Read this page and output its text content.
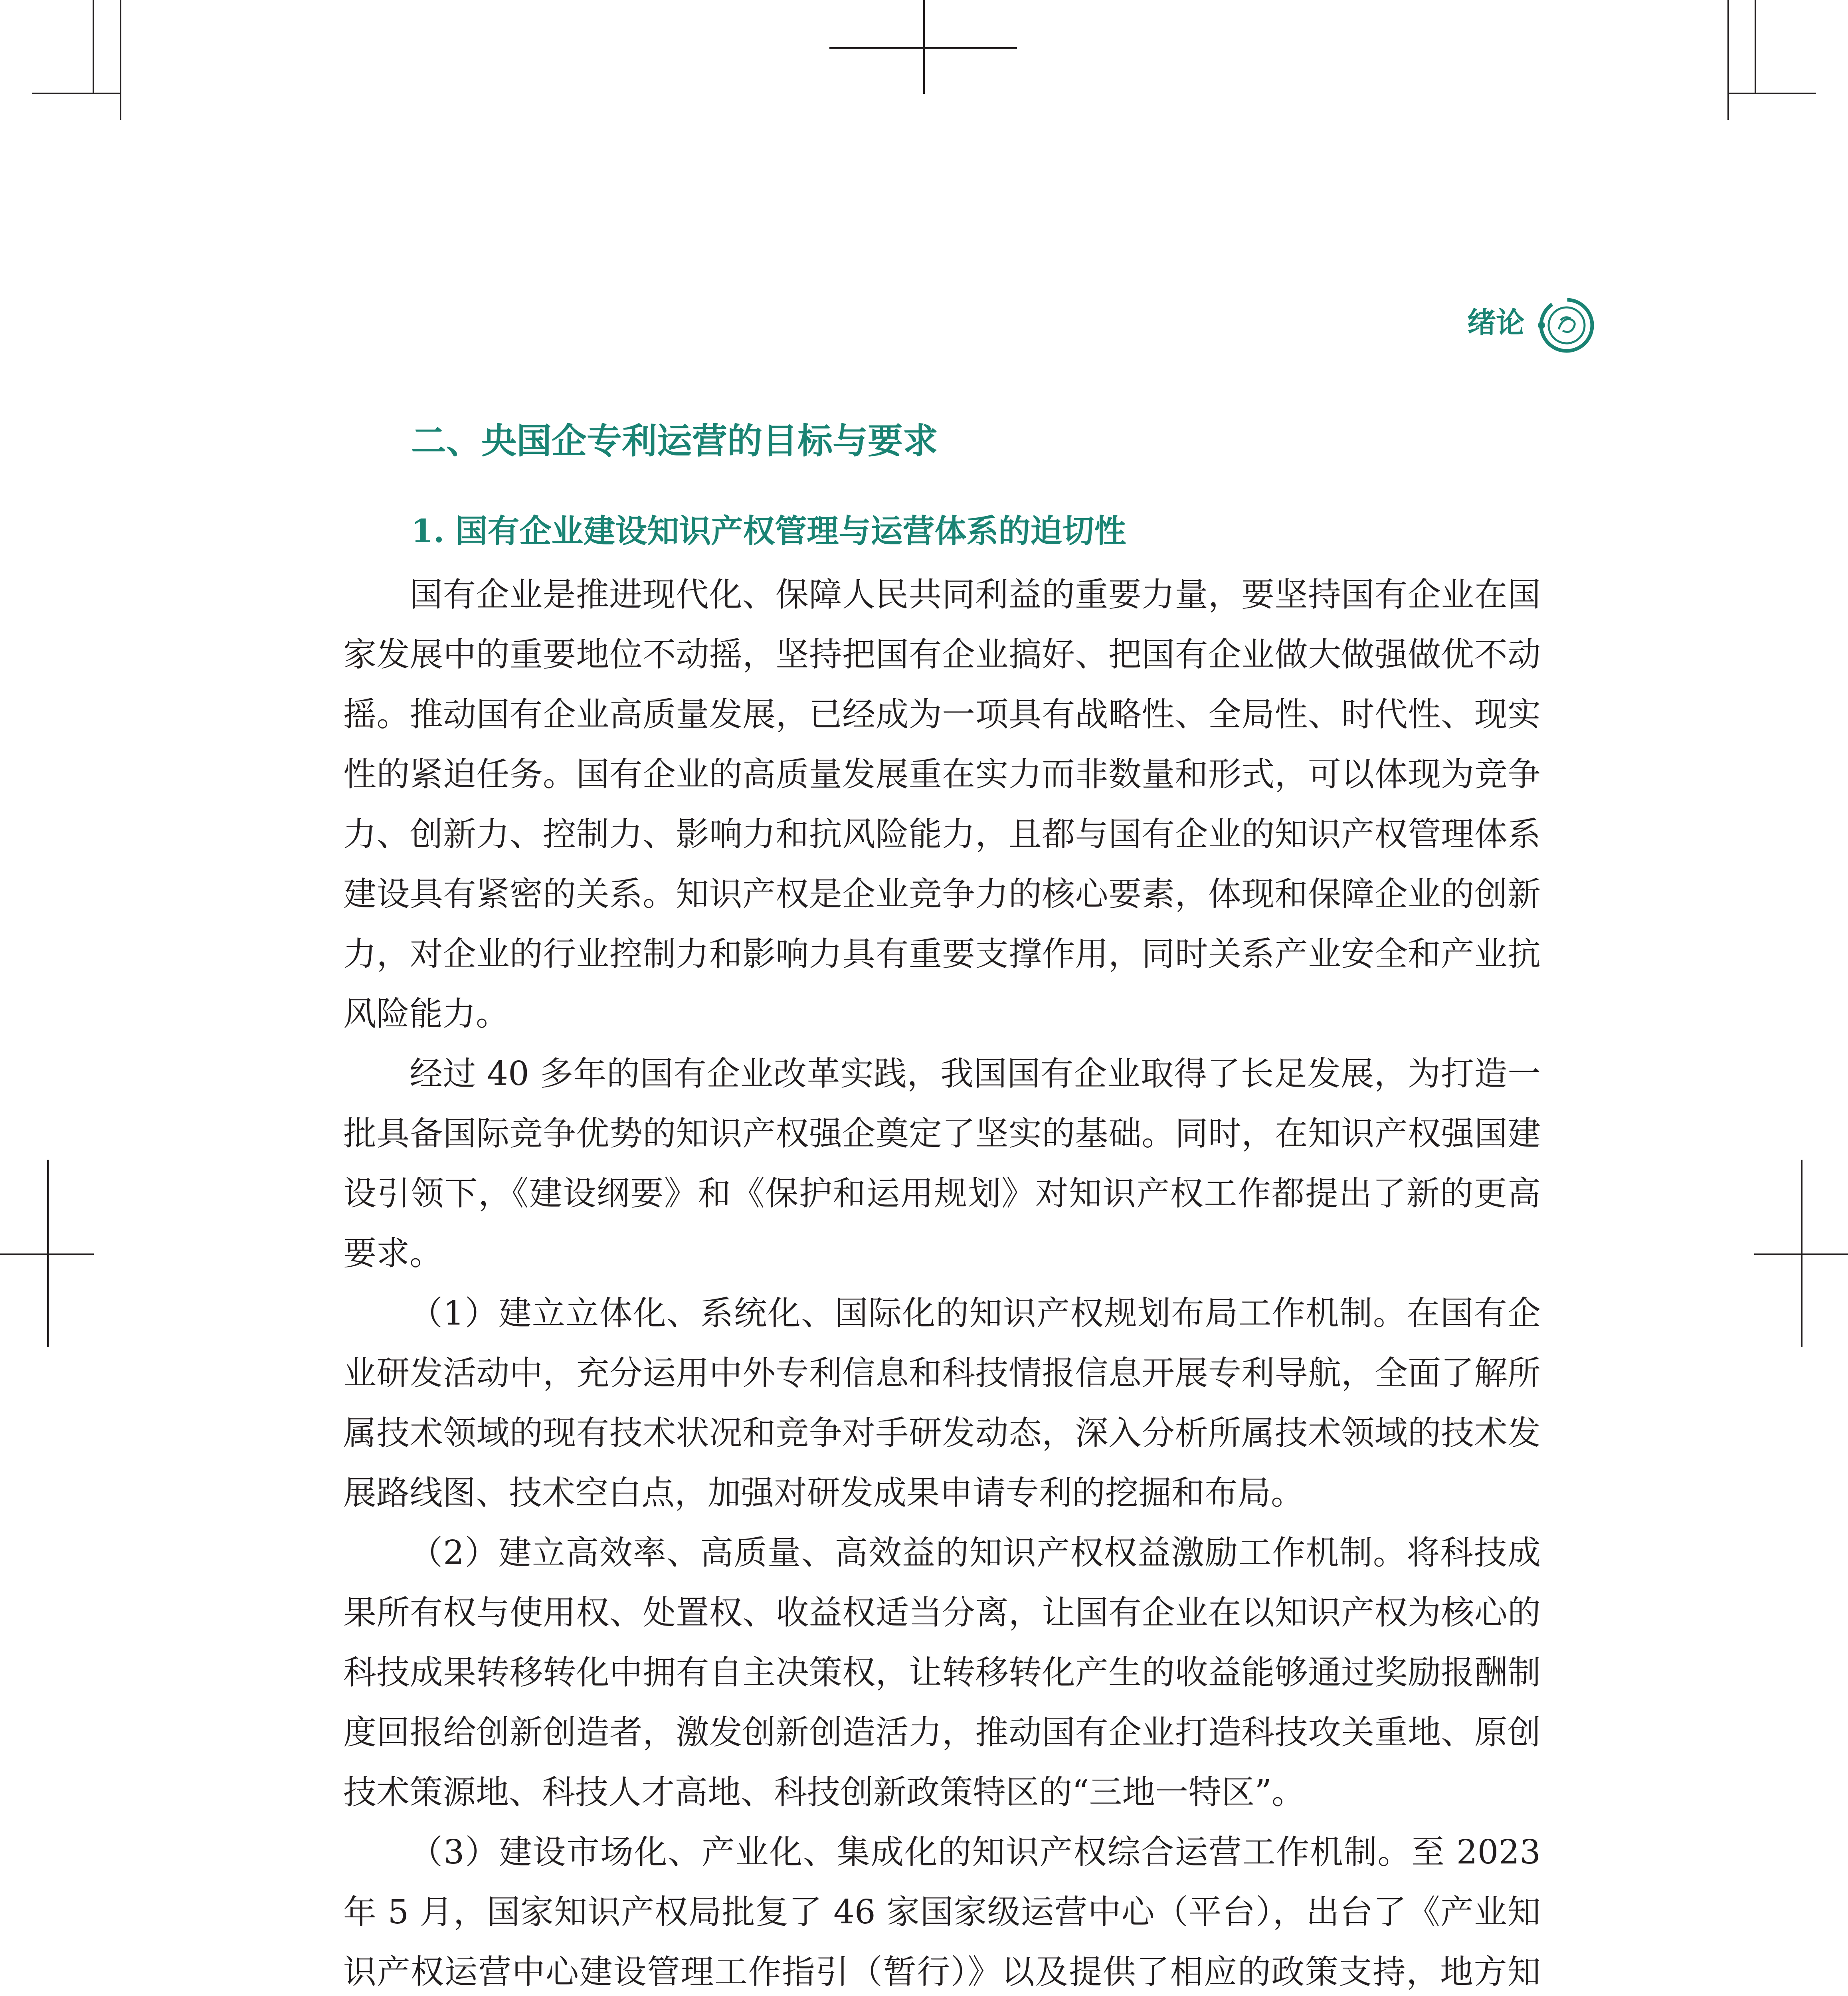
绪论
二、央国企专利运营的目标与要求
1. 国有企业建设知识产权管理与运营体系的迫切性

国有企业是推进现代化、保障人民共同利益的重要力量，要坚持国有企业在国家发展中的重要地位不动摇，坚持把国有企业搞好、把国有企业做大做强做优不动摇。推动国有企业高质量发展，已经成为一项具有战略性、全局性、时代性、现实性的紧迫任务。国有企业的高质量发展重在实力而非数量和形式，可以体现为竞争力、创新力、控制力、影响力和抗风险能力，且都与国有企业的知识产权管理体系建设具有紧密的关系。知识产权是企业竞争力的核心要素，体现和保障企业的创新力，对企业的行业控制力和影响力具有重要支撑作用，同时关系产业安全和产业抗风险能力。

经过 40 多年的国有企业改革实践，我国国有企业取得了长足发展，为打造一批具备国际竞争优势的知识产权强企奠定了坚实的基础。同时，在知识产权强国建设引领下，《建设纲要》和《保护和运用规划》对知识产权工作都提出了新的更高要求。

（1）建立立体化、系统化、国际化的知识产权规划布局工作机制。在国有企业研发活动中，充分运用中外专利信息和科技情报信息开展专利导航，全面了解所属技术领域的现有技术状况和竞争对手研发动态，深入分析所属技术领域的技术发展路线图、技术空白点，加强对研发成果申请专利的挖掘和布局。

（2）建立高效率、高质量、高效益的知识产权权益激励工作机制。将科技成果所有权与使用权、处置权、收益权适当分离，让国有企业在以知识产权为核心的科技成果转移转化中拥有自主决策权，让转移转化产生的收益能够通过奖励报酬制度回报给创新创造者，激发创新创造活力，推动国有企业打造科技攻关重地、原创技术策源地、科技人才高地、科技创新政策特区的“三地一特区”。

（3）建设市场化、产业化、集成化的知识产权综合运营工作机制。至 2023 年 5 月，国家知识产权局批复了 46 家国家级运营中心（平台），出台了《产业知识产权运营中心建设管理工作指引（暂行）》以及提供了相应的政策支持，地方知
